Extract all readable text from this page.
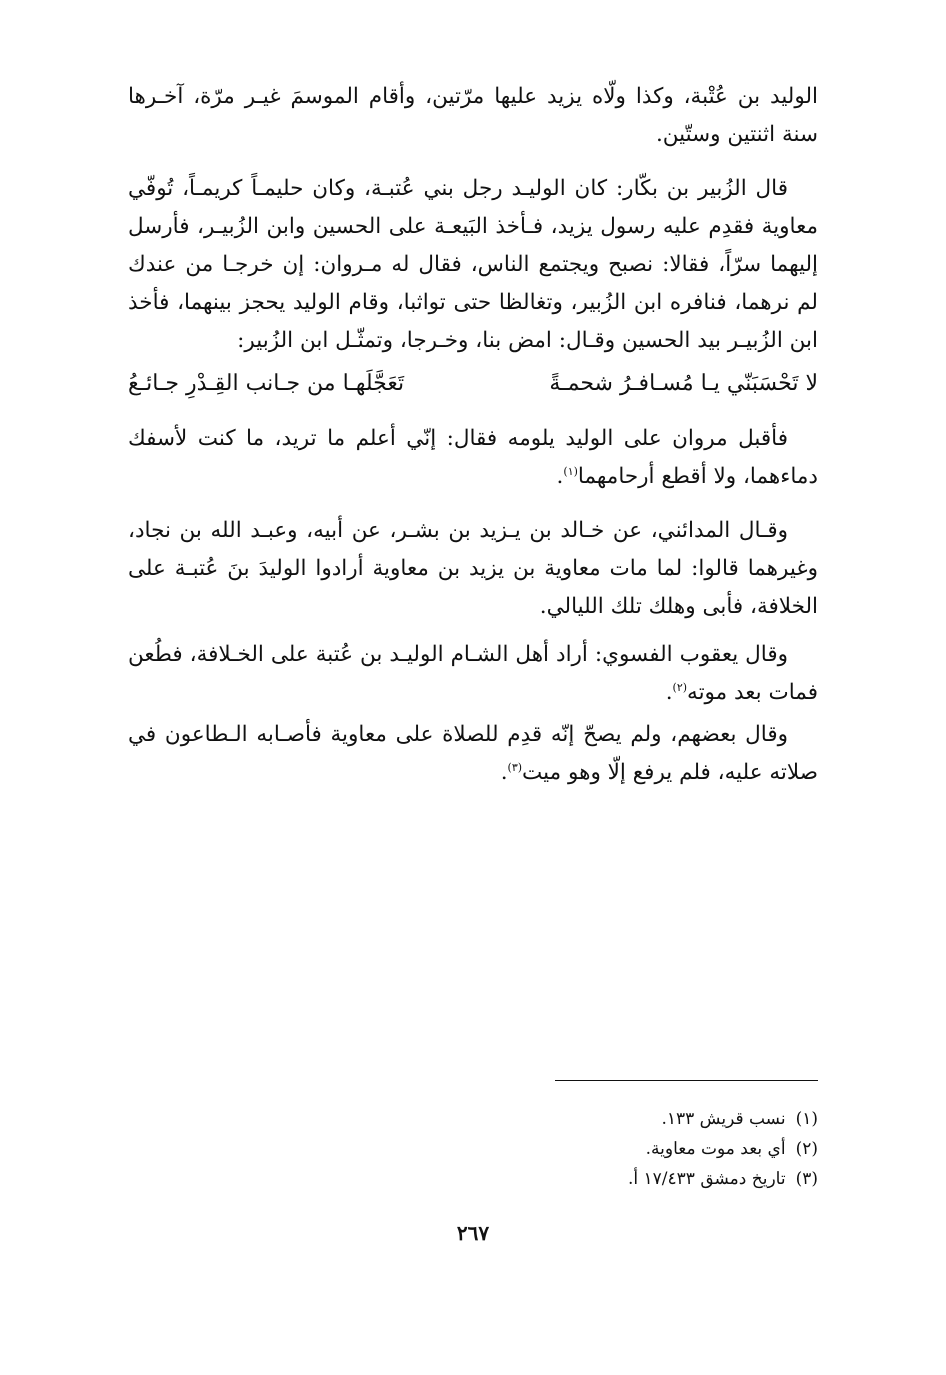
الوليد بن عُتْبة، وكذا ولّاه يزيد عليها مرّتين، وأقام الموسمَ غيـر مرّة، آخـرها سنة اثنتين وستّين.

قال الزُبير بن بكّار: كان الوليـد رجل بني عُتبـة، وكان حليمـاً كريمـاً، تُوفّي معاوية فقدِم عليه رسول يزيد، فـأخذ البَيعـة على الحسين وابن الزُبيـر، فأرسل إليهما سرّاً، فقالا: نصبح ويجتمع الناس، فقال له مـروان: إن خرجـا من عندك لم نرهما، فنافره ابن الزُبير، وتغالظا حتى تواثبا، وقام الوليد يحجز بينهما، فأخذ ابن الزُبيـر بيد الحسين وقـال: امض بنا، وخـرجا، وتمثّـل ابن الزُبير:

لا تَحْسَبَنّي يـا مُسـافـرُ شحمـةً
تَعَجَّلَهـا من جـانب القِـدْرِ جـائـعُ

فأقبل مروان على الوليد يلومه فقال: إنّي أعلم ما تريد، ما كنت لأسفك دماءهما، ولا أقطع أرحامهما$^{(١)}$.

وقـال المدائني، عن خـالد بن يـزيد بن بشـر، عن أبيه، وعبـد الله بن نجاد، وغيرهما قالوا: لما مات معاوية بن يزيد بن معاوية أرادوا الوليدَ بنَ عُتبـة على الخلافة، فأبى وهلك تلك الليالي.

وقال يعقوب الفسوي: أراد أهل الشـام الوليـد بن عُتبة على الخـلافة، فطُعن فمات بعد موته$^{(٢)}$.

وقال بعضهم، ولم يصحّ إنّه قدِم للصلاة على معاوية فأصـابه الـطاعون في صلاته عليه، فلم يرفع إلّا وهو ميت$^{(٣)}$.

(١)
نسب قريش ١٣٣.
(٢)
أي بعد موت معاوية.
(٣)
تاريخ دمشق ١٧/٤٣٣ أ.
٢٦٧
